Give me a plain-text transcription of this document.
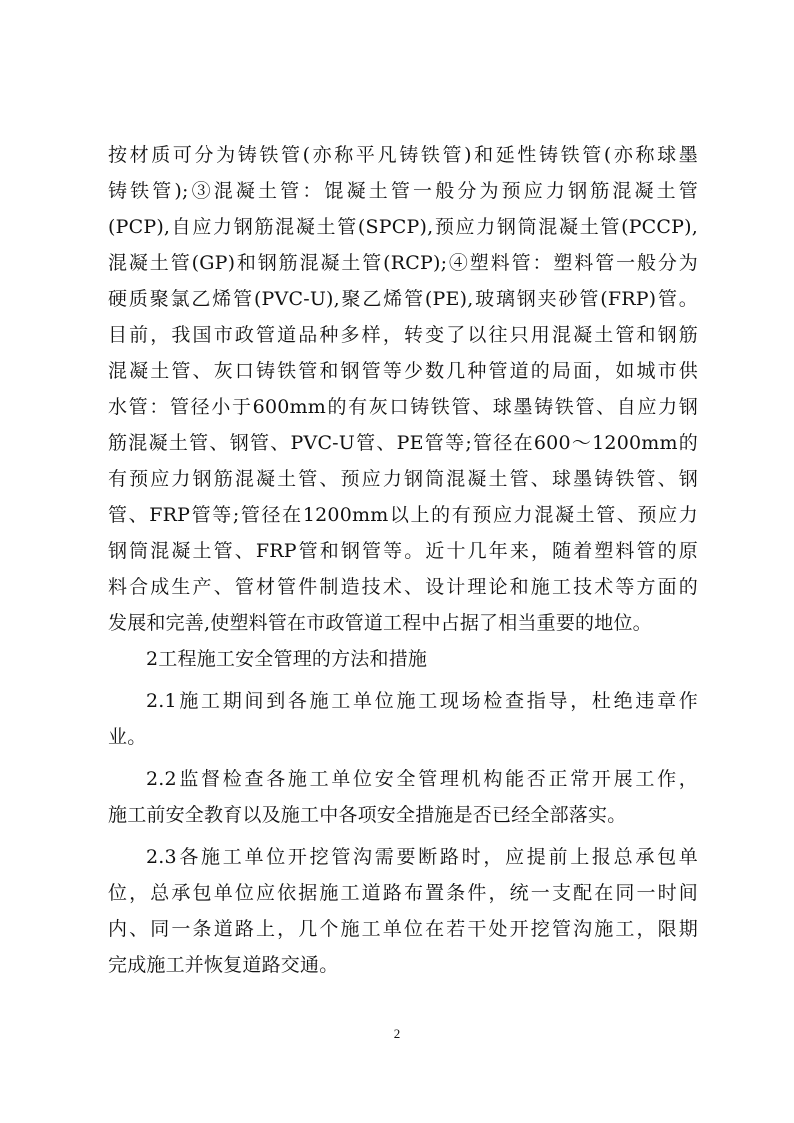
按材质可分为铸铁管(亦称平凡铸铁管)和延性铸铁管(亦称球墨
铸铁管);③混凝土管：馄凝土管一般分为预应力钢筋混凝土管
(PCP),自应力钢筋混凝土管(SPCP),预应力钢筒混凝土管(PCCP),
混凝土管(GP)和钢筋混凝土管(RCP);④塑料管：塑料管一般分为
硬质聚氯乙烯管(PVC-U),聚乙烯管(PE),玻璃钢夹砂管(FRP)管。
目前，我国市政管道品种多样，转变了以往只用混凝土管和钢筋
混凝土管、灰口铸铁管和钢管等少数几种管道的局面，如城市供
水管：管径小于600mm的有灰口铸铁管、球墨铸铁管、自应力钢
筋混凝土管、钢管、PVC-U管、PE管等;管径在600～1200mm的
有预应力钢筋混凝土管、预应力钢筒混凝土管、球墨铸铁管、钢
管、FRP管等;管径在1200mm以上的有预应力混凝土管、预应力
钢筒混凝土管、FRP管和钢管等。近十几年来，随着塑料管的原
料合成生产、管材管件制造技术、设计理论和施工技术等方面的
发展和完善,使塑料管在市政管道工程中占据了相当重要的地位。
2工程施工安全管理的方法和措施
2.1施工期间到各施工单位施工现场检查指导，杜绝违章作
业。
2.2监督检查各施工单位安全管理机构能否正常开展工作，
施工前安全教育以及施工中各项安全措施是否已经全部落实。
2.3各施工单位开挖管沟需要断路时，应提前上报总承包单
位，总承包单位应依据施工道路布置条件，统一支配在同一时间
内、同一条道路上，几个施工单位在若干处开挖管沟施工，限期
完成施工并恢复道路交通。
2
